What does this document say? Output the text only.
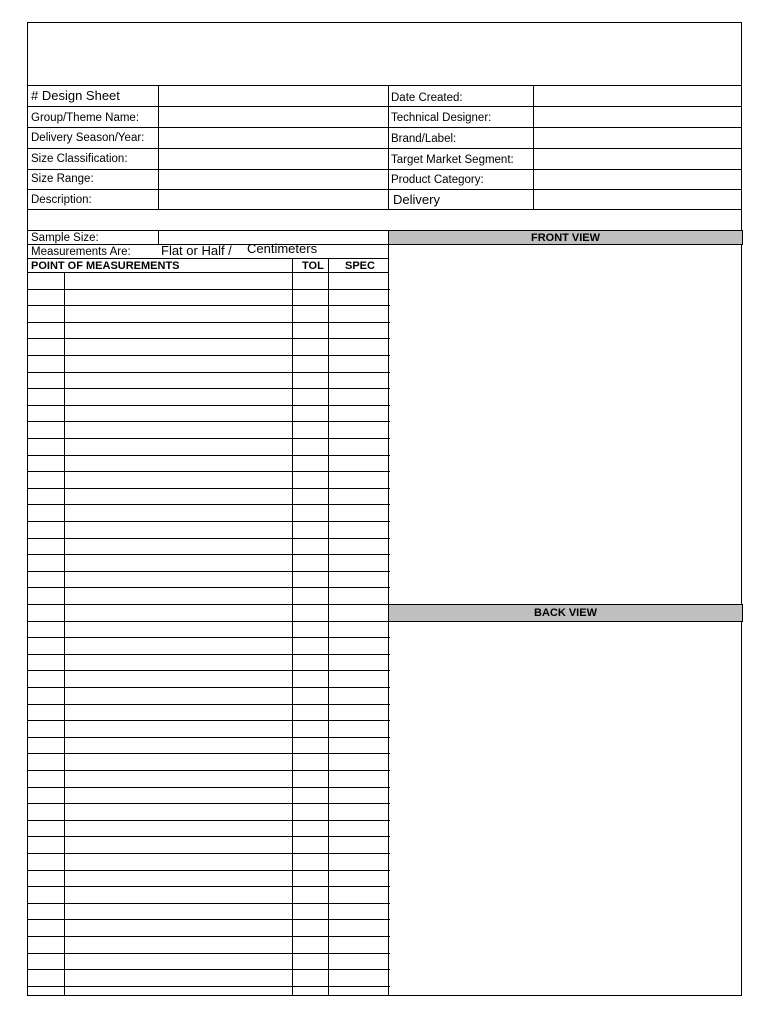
# Design Sheet
Group/Theme Name:
Delivery Season/Year:
Size Classification:
Size Range:
Description:
Date Created:
Technical Designer:
Brand/Label:
Target Market Segment:
Product Category:
Delivery
Sample Size:
Measurements Are: Flat or Half / Centimeters
POINT OF MEASUREMENTS	TOL SPEC
FRONT VIEW
BACK VIEW
